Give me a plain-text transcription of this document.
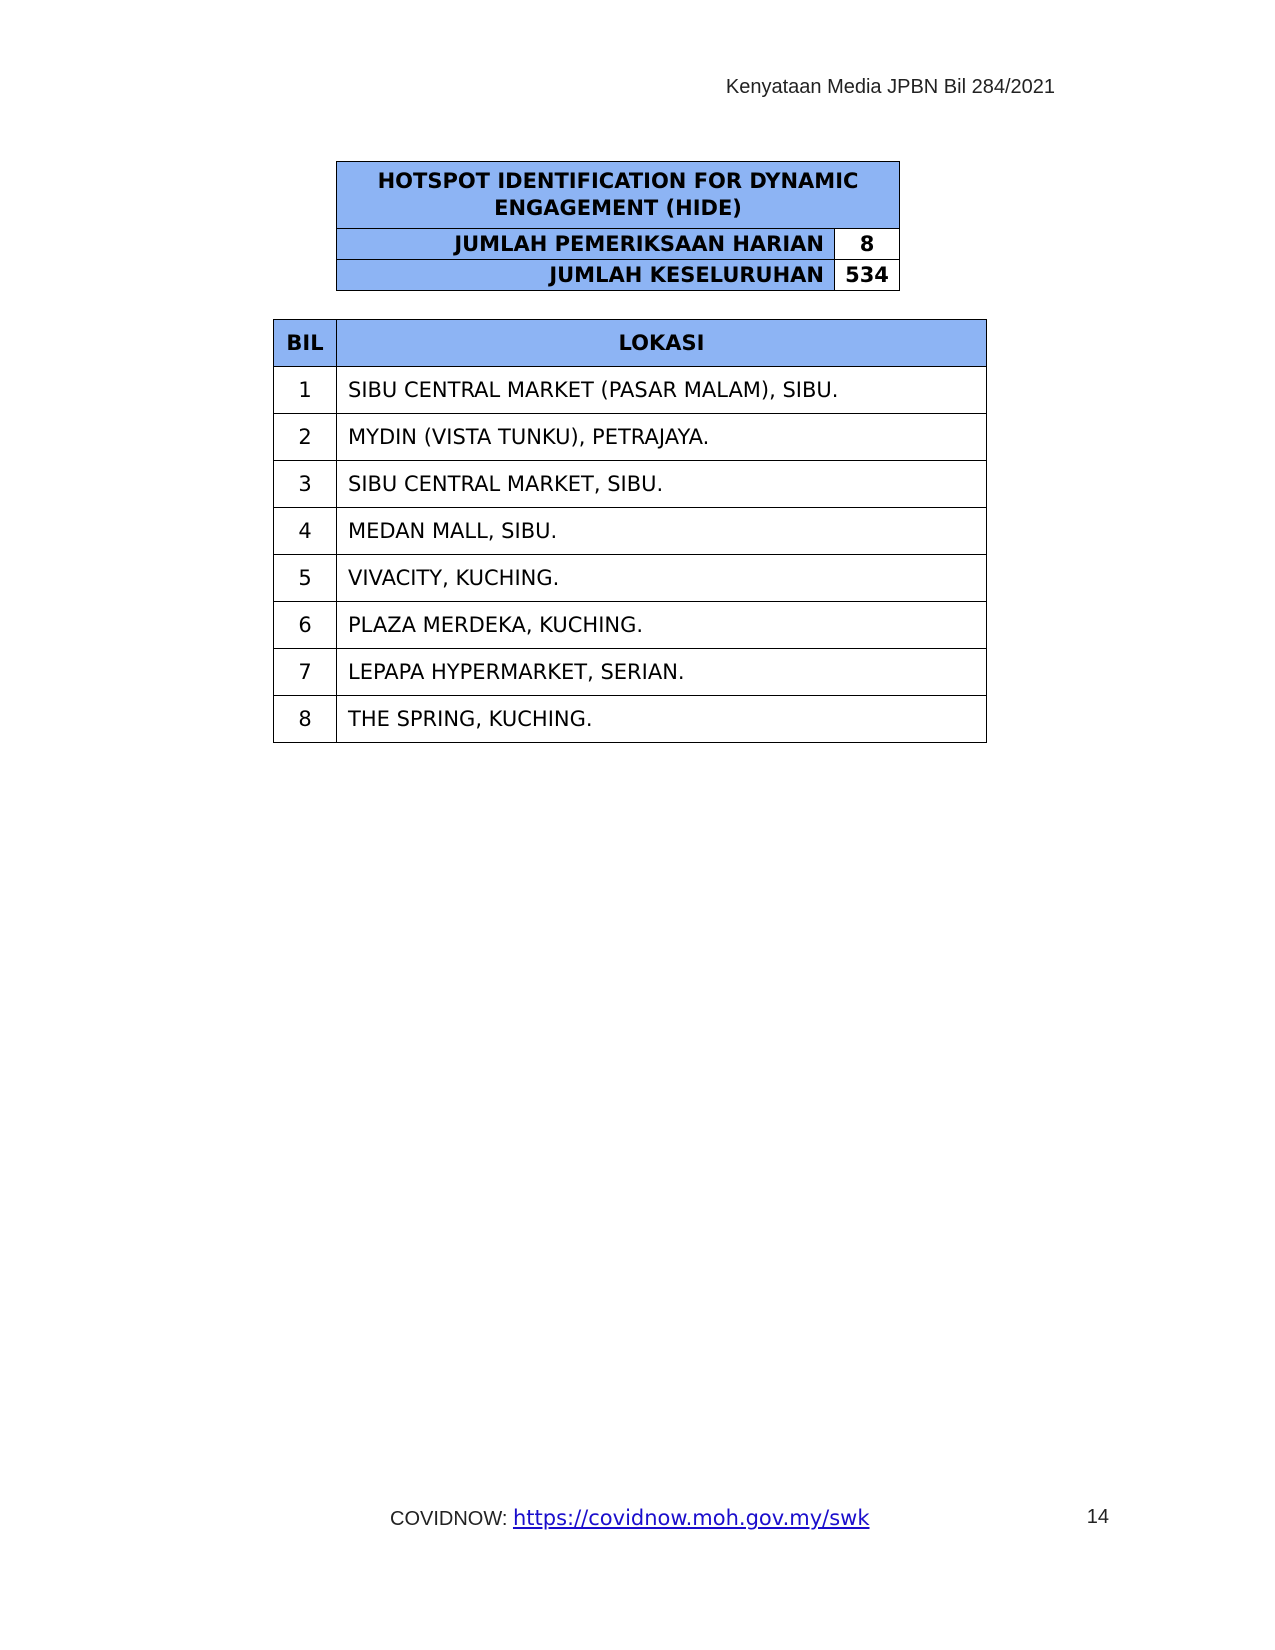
Kenyataan Media JPBN Bil 284/2021
HOTSPOT IDENTIFICATION FOR DYNAMIC ENGAGEMENT (HIDE)	
JUMLAH PEMERIKSAAN HARIAN	8
JUMLAH KESELURUHAN	534
BIL	LOKASI
1	SIBU CENTRAL MARKET (PASAR MALAM), SIBU.
2	MYDIN (VISTA TUNKU), PETRAJAYA.
3	SIBU CENTRAL MARKET, SIBU.
4	MEDAN MALL, SIBU.
5	VIVACITY, KUCHING.
6	PLAZA MERDEKA, KUCHING.
7	LEPAPA HYPERMARKET, SERIAN.
8	THE SPRING, KUCHING.
COVIDNOW: https://covidnow.moh.gov.my/swk	14
